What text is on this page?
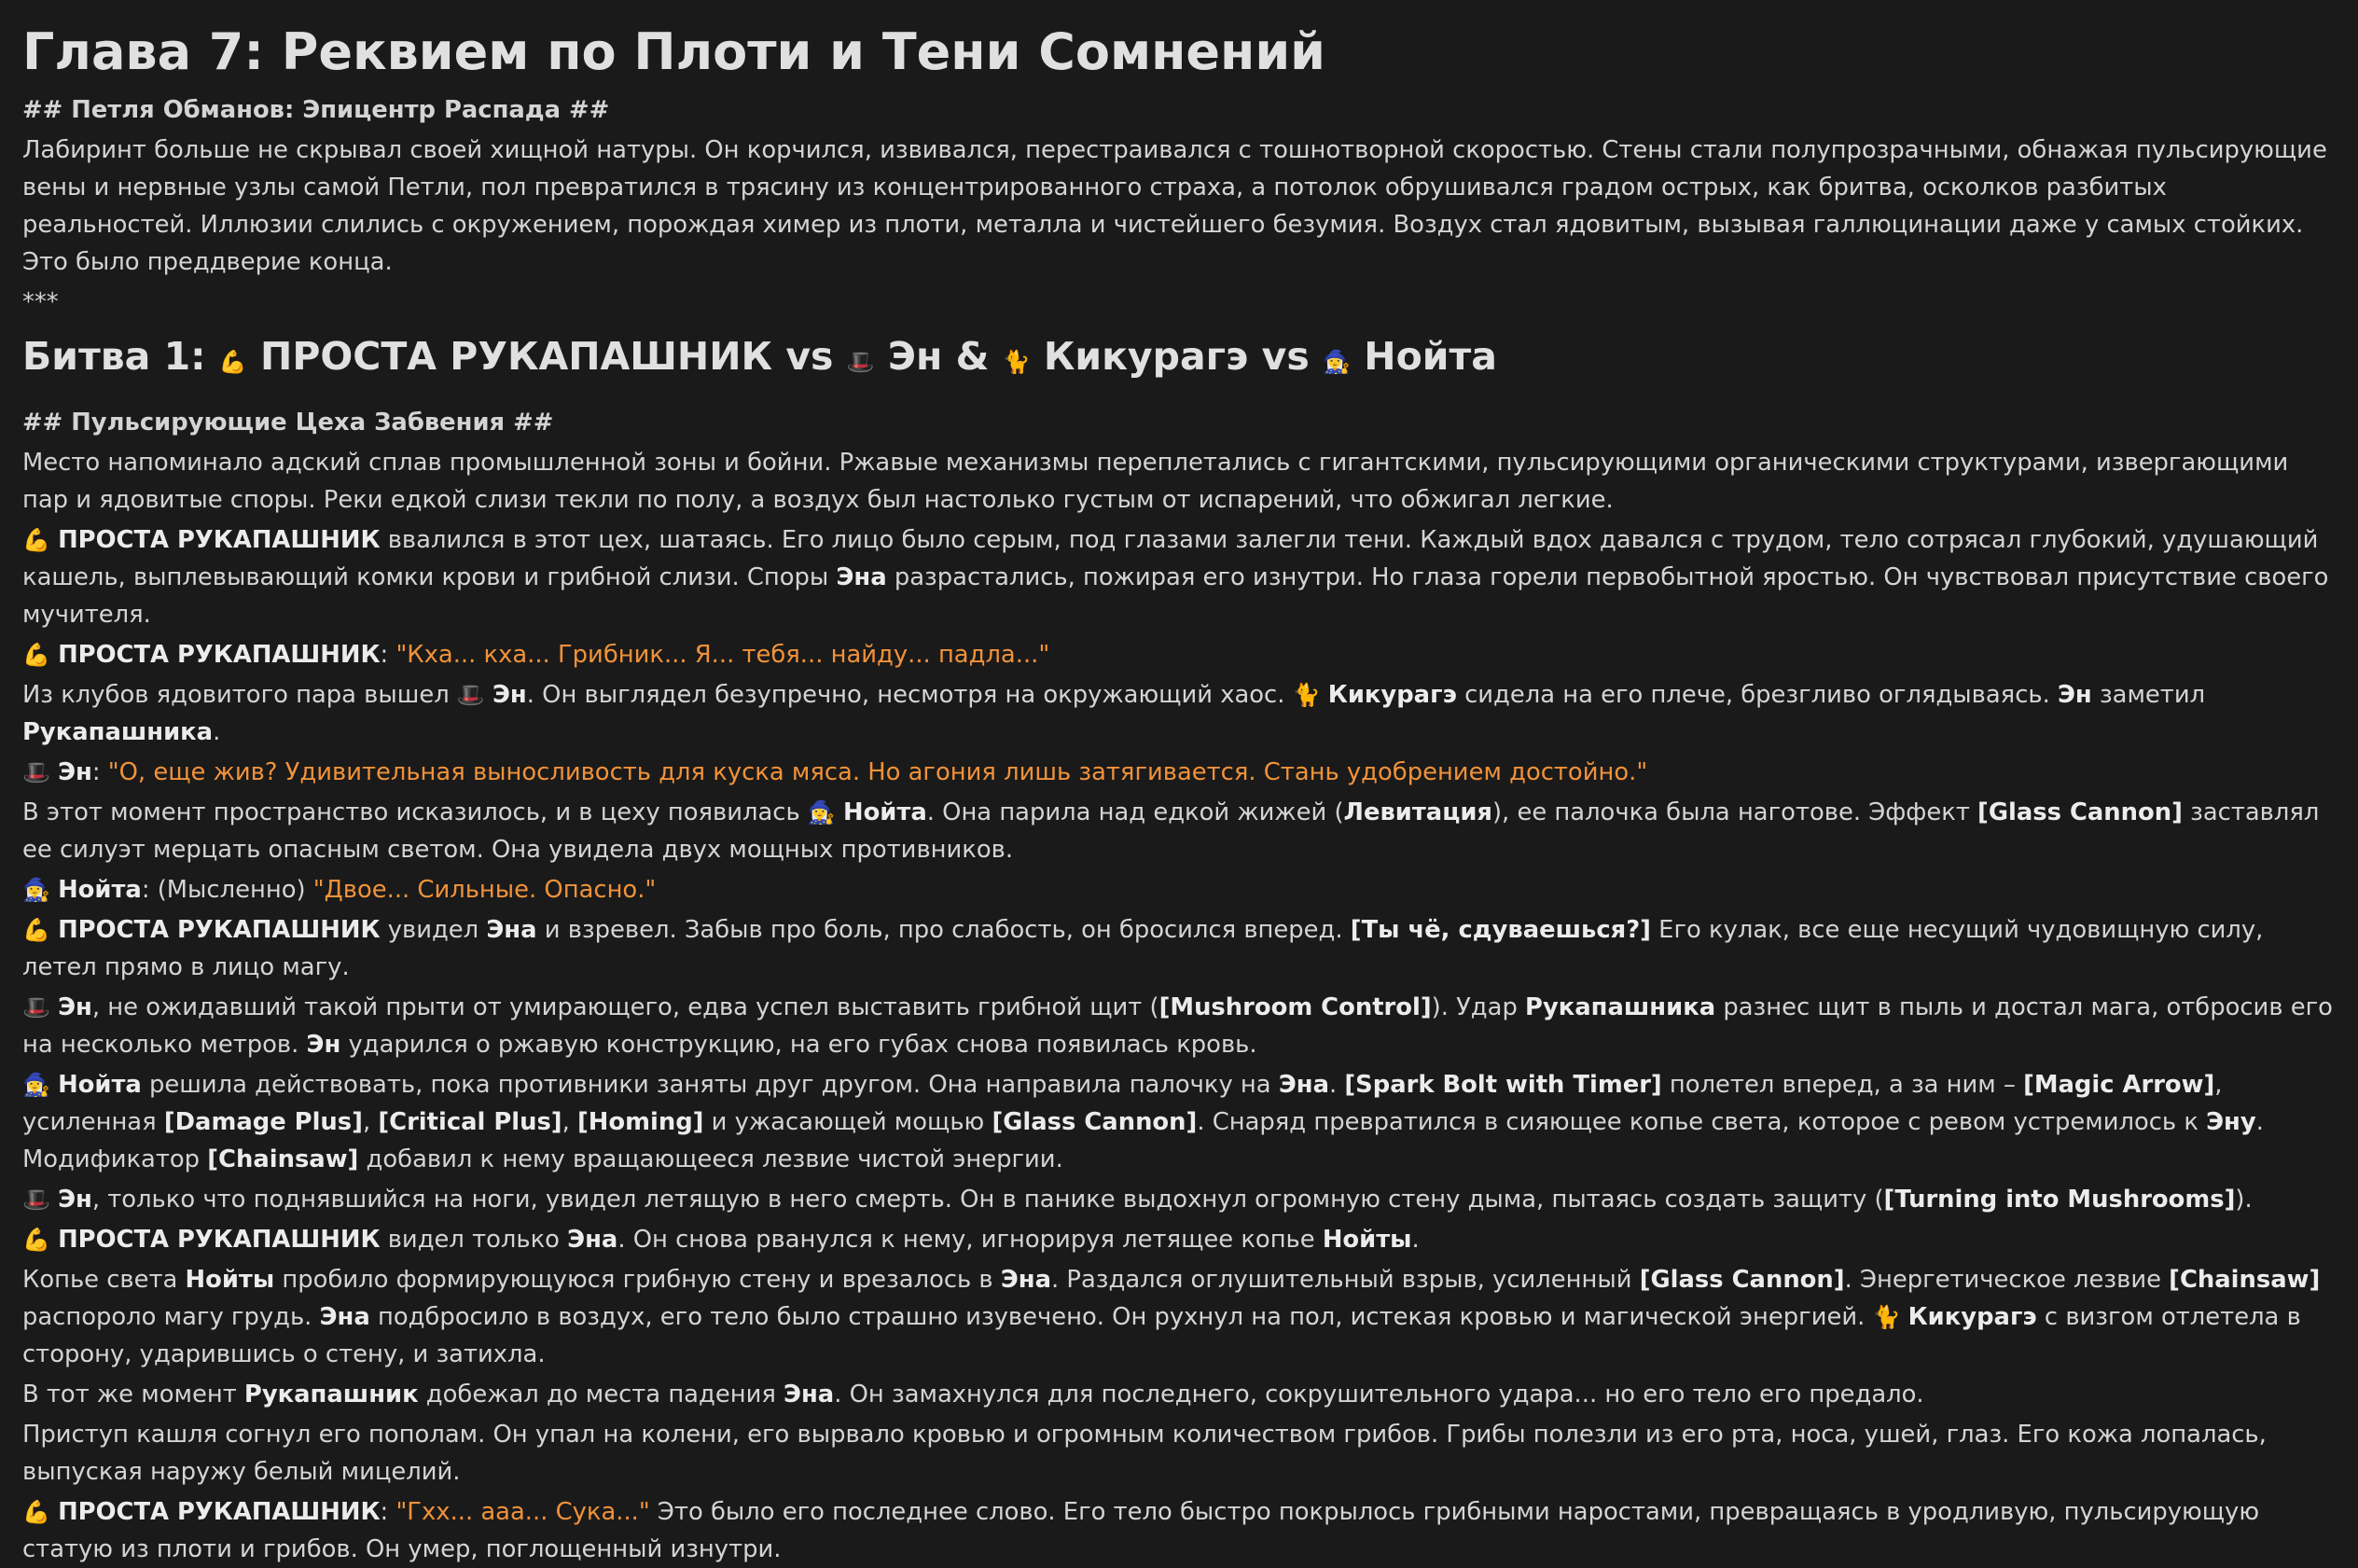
Глава 7: Реквием по Плоти и Тени Сомнений

## Петля Обманов: Эпицентр Распада ##

Лабиринт больше не скрывал своей хищной натуры. Он корчился, извивался, перестраивался с тошнотворной скоростью. Стены стали полупрозрачными, обнажая пульсирующие вены и нервные узлы самой Петли, пол превратился в трясину из концентрированного страха, а потолок обрушивался градом острых, как бритва, осколков разбитых реальностей. Иллюзии слились с окружением, порождая химер из плоти, металла и чистейшего безумия. Воздух стал ядовитым, вызывая галлюцинации даже у самых стойких. Это было преддверие конца.

***

Битва 1: 💪 ПРОСТА РУКАПАШНИК vs 🎩 Эн & 🐈 Кикурагэ vs 🧙‍♀️ Нойта

## Пульсирующие Цеха Забвения ##

Место напоминало адский сплав промышленной зоны и бойни. Ржавые механизмы переплетались с гигантскими, пульсирующими органическими структурами, извергающими пар и ядовитые споры. Реки едкой слизи текли по полу, а воздух был настолько густым от испарений, что обжигал легкие.

💪 ПРОСТА РУКАПАШНИК ввалился в этот цех, шатаясь. Его лицо было серым, под глазами залегли тени. Каждый вдох давался с трудом, тело сотрясал глубокий, удушающий кашель, выплевывающий комки крови и грибной слизи. Споры Эна разрастались, пожирая его изнутри. Но глаза горели первобытной яростью. Он чувствовал присутствие своего мучителя.

💪 ПРОСТА РУКАПАШНИК: "Кха... кха... Грибник... Я... тебя... найду... падла..."

Из клубов ядовитого пара вышел 🎩 Эн. Он выглядел безупречно, несмотря на окружающий хаос. 🐈 Кикурагэ сидела на его плече, брезгливо оглядываясь. Эн заметил Рукапашника.

🎩 Эн: "О, еще жив? Удивительная выносливость для куска мяса. Но агония лишь затягивается. Стань удобрением достойно."

В этот момент пространство исказилось, и в цеху появилась 🧙‍♀️ Нойта. Она парила над едкой жижей (Левитация), ее палочка была наготове. Эффект [Glass Cannon] заставлял ее силуэт мерцать опасным светом. Она увидела двух мощных противников.

🧙‍♀️ Нойта: (Мысленно) "Двое... Сильные. Опасно."

💪 ПРОСТА РУКАПАШНИК увидел Эна и взревел. Забыв про боль, про слабость, он бросился вперед. [Ты чё, сдуваешься?] Его кулак, все еще несущий чудовищную силу, летел прямо в лицо магу.

🎩 Эн, не ожидавший такой прыти от умирающего, едва успел выставить грибной щит ([Mushroom Control]). Удар Рукапашника разнес щит в пыль и достал мага, отбросив его на несколько метров. Эн ударился о ржавую конструкцию, на его губах снова появилась кровь.

🧙‍♀️ Нойта решила действовать, пока противники заняты друг другом. Она направила палочку на Эна. [Spark Bolt with Timer] полетел вперед, а за ним – [Magic Arrow], усиленная [Damage Plus], [Critical Plus], [Homing] и ужасающей мощью [Glass Cannon]. Снаряд превратился в сияющее копье света, которое с ревом устремилось к Эну. Модификатор [Chainsaw] добавил к нему вращающееся лезвие чистой энергии.

🎩 Эн, только что поднявшийся на ноги, увидел летящую в него смерть. Он в панике выдохнул огромную стену дыма, пытаясь создать защиту ([Turning into Mushrooms]).

💪 ПРОСТА РУКАПАШНИК видел только Эна. Он снова рванулся к нему, игнорируя летящее копье Нойты.

Копье света Нойты пробило формирующуюся грибную стену и врезалось в Эна. Раздался оглушительный взрыв, усиленный [Glass Cannon]. Энергетическое лезвие [Chainsaw] распороло магу грудь. Эна подбросило в воздух, его тело было страшно изувечено. Он рухнул на пол, истекая кровью и магической энергией. 🐈 Кикурагэ с визгом отлетела в сторону, ударившись о стену, и затихла.

В тот же момент Рукапашник добежал до места падения Эна. Он замахнулся для последнего, сокрушительного удара... но его тело его предало.

Приступ кашля согнул его пополам. Он упал на колени, его вырвало кровью и огромным количеством грибов. Грибы полезли из его рта, носа, ушей, глаз. Его кожа лопалась, выпуская наружу белый мицелий.

💪 ПРОСТА РУКАПАШНИК: "Гхх... ааа... Сука..." Это было его последнее слово. Его тело быстро покрылось грибными наростами, превращаясь в уродливую, пульсирующую статую из плоти и грибов. Он умер, поглощенный изнутри.
